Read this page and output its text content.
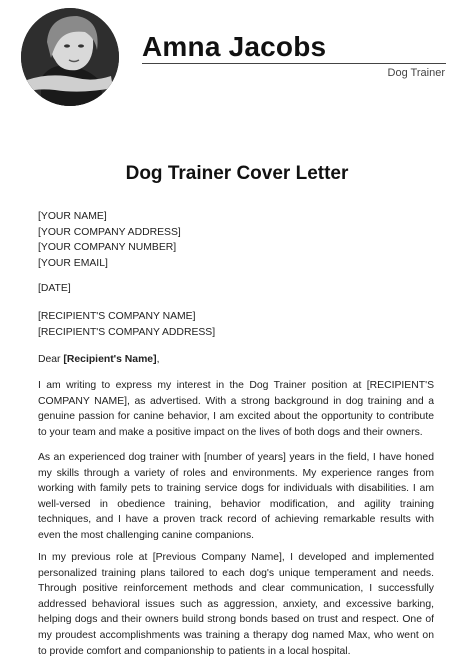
Amna Jacobs
Dog Trainer
Dog Trainer Cover Letter
[YOUR NAME]
[YOUR COMPANY ADDRESS]
[YOUR COMPANY NUMBER]
[YOUR EMAIL]
[DATE]
[RECIPIENT'S COMPANY NAME]
[RECIPIENT'S COMPANY ADDRESS]
Dear [Recipient's Name],

I am writing to express my interest in the Dog Trainer position at [RECIPIENT'S COMPANY NAME], as advertised. With a strong background in dog training and a genuine passion for canine behavior, I am excited about the opportunity to contribute to your team and make a positive impact on the lives of both dogs and their owners.

As an experienced dog trainer with [number of years] years in the field, I have honed my skills through a variety of roles and environments. My experience ranges from working with family pets to training service dogs for individuals with disabilities. I am well-versed in obedience training, behavior modification, and agility training techniques, and I have a proven track record of achieving remarkable results with even the most challenging canine companions.

In my previous role at [Previous Company Name], I developed and implemented personalized training plans tailored to each dog's unique temperament and needs. Through positive reinforcement methods and clear communication, I successfully addressed behavioral issues such as aggression, anxiety, and excessive barking, helping dogs and their owners build strong bonds based on trust and respect. One of my proudest accomplishments was training a therapy dog named Max, who went on to provide comfort and companionship to patients in a local hospital.
